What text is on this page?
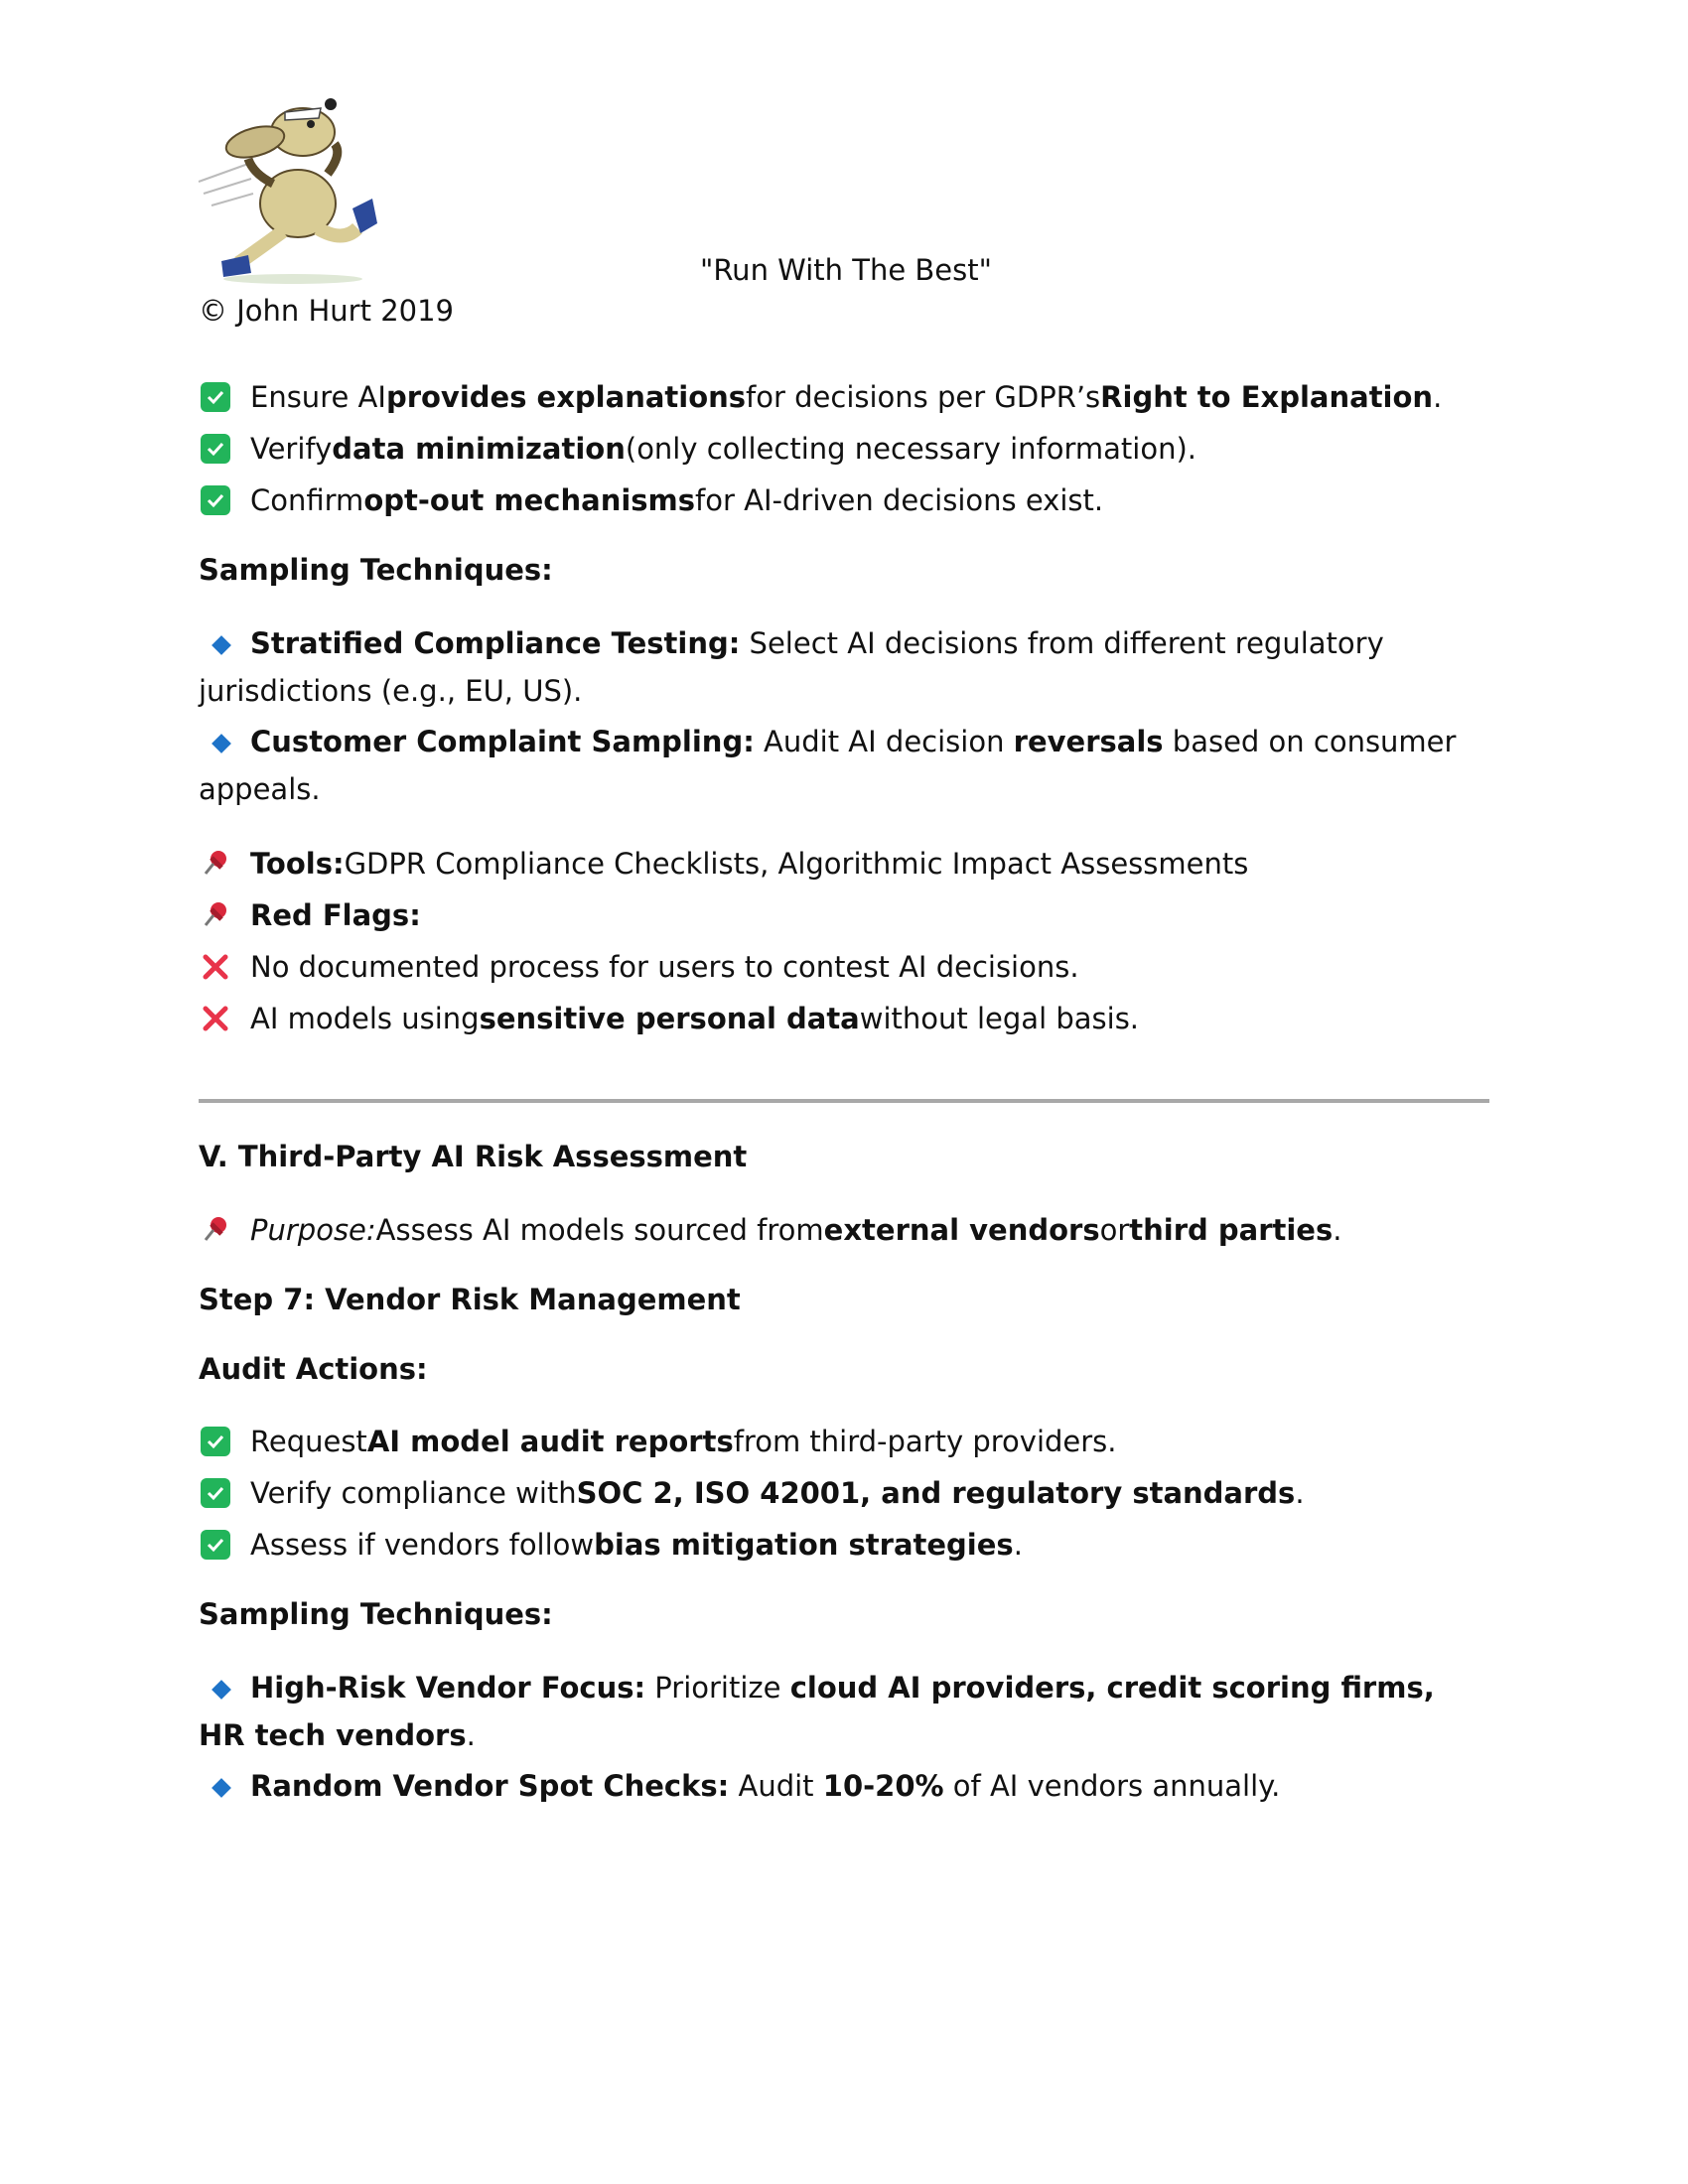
"Run With The Best"
© John Hurt 2019
Ensure AI provides explanations for decisions per GDPR’s Right to Explanation .
Verify data minimization (only collecting necessary information).
Confirm opt-out mechanisms for AI-driven decisions exist.
Sampling Techniques:
Stratified Compliance Testing: Select AI decisions from different regulatory jurisdictions (e.g., EU, US).
Customer Complaint Sampling: Audit AI decision reversals based on consumer appeals.
Tools: GDPR Compliance Checklists, Algorithmic Impact Assessments
Red Flags:
No documented process for users to contest AI decisions.
AI models using sensitive personal data without legal basis.
V. Third-Party AI Risk Assessment
Purpose: Assess AI models sourced from external vendors or third parties .
Step 7: Vendor Risk Management
Audit Actions:
Request AI model audit reports from third-party providers.
Verify compliance with SOC 2, ISO 42001, and regulatory standards .
Assess if vendors follow bias mitigation strategies .
Sampling Techniques:
High-Risk Vendor Focus: Prioritize cloud AI providers, credit scoring firms, HR tech vendors.
Random Vendor Spot Checks: Audit 10-20% of AI vendors annually.
